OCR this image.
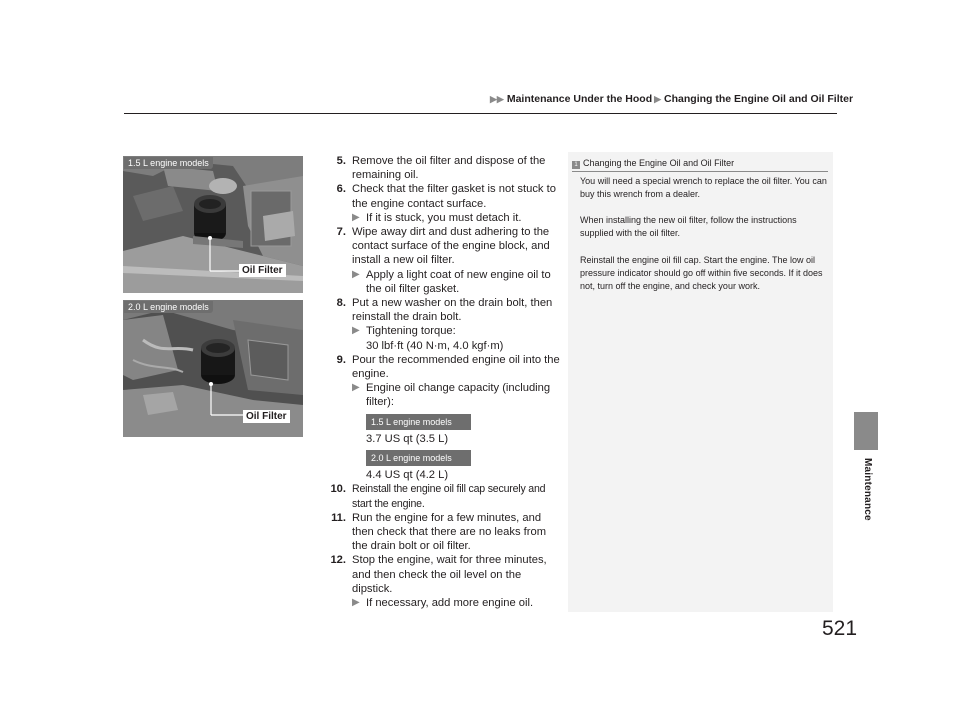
▶▶ Maintenance Under the Hood ▶ Changing the Engine Oil and Oil Filter
Maintenance
1.5 L engine models
Oil Filter
2.0 L engine models
Oil Filter
5. Remove the oil filter and dispose of the remaining oil.
6. Check that the filter gasket is not stuck to the engine contact surface.
▶ If it is stuck, you must detach it.
7. Wipe away dirt and dust adhering to the contact surface of the engine block, and install a new oil filter.
▶ Apply a light coat of new engine oil to the oil filter gasket.
8. Put a new washer on the drain bolt, then reinstall the drain bolt.
▶ Tightening torque:
30 lbf·ft (40 N·m, 4.0 kgf·m)
9. Pour the recommended engine oil into the engine.
▶ Engine oil change capacity (including filter):
1.5 L engine models
3.7 US qt (3.5 L)
2.0 L engine models
4.4 US qt (4.2 L)
10. Reinstall the engine oil fill cap securely and start the engine.
11. Run the engine for a few minutes, and then check that there are no leaks from the drain bolt or oil filter.
12. Stop the engine, wait for three minutes, and then check the oil level on the dipstick.
▶ If necessary, add more engine oil.
1 Changing the Engine Oil and Oil Filter
You will need a special wrench to replace the oil filter. You can buy this wrench from a dealer.
When installing the new oil filter, follow the instructions supplied with the oil filter.
Reinstall the engine oil fill cap. Start the engine. The low oil pressure indicator should go off within five seconds. If it does not, turn off the engine, and check your work.
521
